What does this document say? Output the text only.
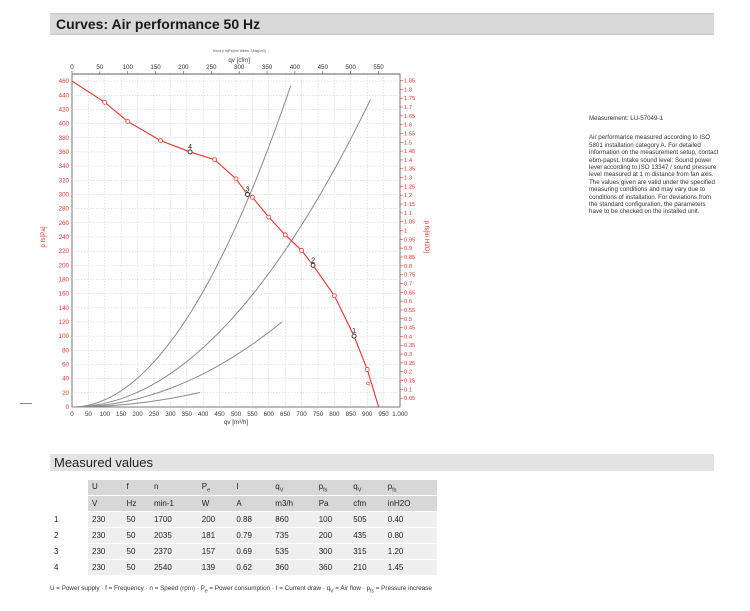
Curves: Air performance 50 Hz
0 50 100 150 200 250 300 350 400 450 500 550 600 650 700 750 800 850 900 950 1.000
0
20
40
60
80
100
120
140
160
180
200
220
240
260
280
300
320
340
360
380
400
420
440
460
0	50	100	150	200	250	300	350	400	450	500	550
qv [cfm]
Druck p fs[Pa] bei Winter 1,Msg/m3]
0.05
0.1
0.15
0.2
0.25
0.3
0.35
0.4
0.45
0.5
0.55
0.6
0.65
0.7
0.75
0.8
0.85
0.9
0.95
1
1.05
1.1
1.15
1.2
1.25
1.3
1.35
1.4
1.45
1.5
1.55
1.6
1.65
1.7
1.75
1.8
1.85
qv [m³/h]
p fs[Pa]	p fs[in H2O]
p
1
2
3
4
Measurement: LU-57049-1
Air performance measured according to ISO 5801 installation category A. For detailed information on the measurement setup, contact ebm-papst. Intake sound level: Sound power level according to ISO 13347 / sound pressure level measured at 1 m distance from fan axis. The values given are valid under the specified measuring conditions and may vary due to conditions of installation. For deviations from the standard configuration, the parameters have to be checked on the installed unit.
Measured values
	U	f	n	$P_e$	I	$q_V$	$p_{fs}$	$q_V$	$p_{fs}$
	V	Hz	min-1	W	A	m3/h	Pa	cfm	inH2O
1	230	50	1700	200	0.88	860	100	505	0.40
2	230	50	2035	181	0.79	735	200	435	0.80
3	230	50	2370	157	0.69	535	300	315	1.20
4	230	50	2540	139	0.62	360	360	210	1.45
U = Power supply · f = Frequency · n = Speed $(rpm) \cdot P_e$ = Power consumption · I = Current draw · $q_V$ = Air flow · $p_{fs}$ = Pressure increase
